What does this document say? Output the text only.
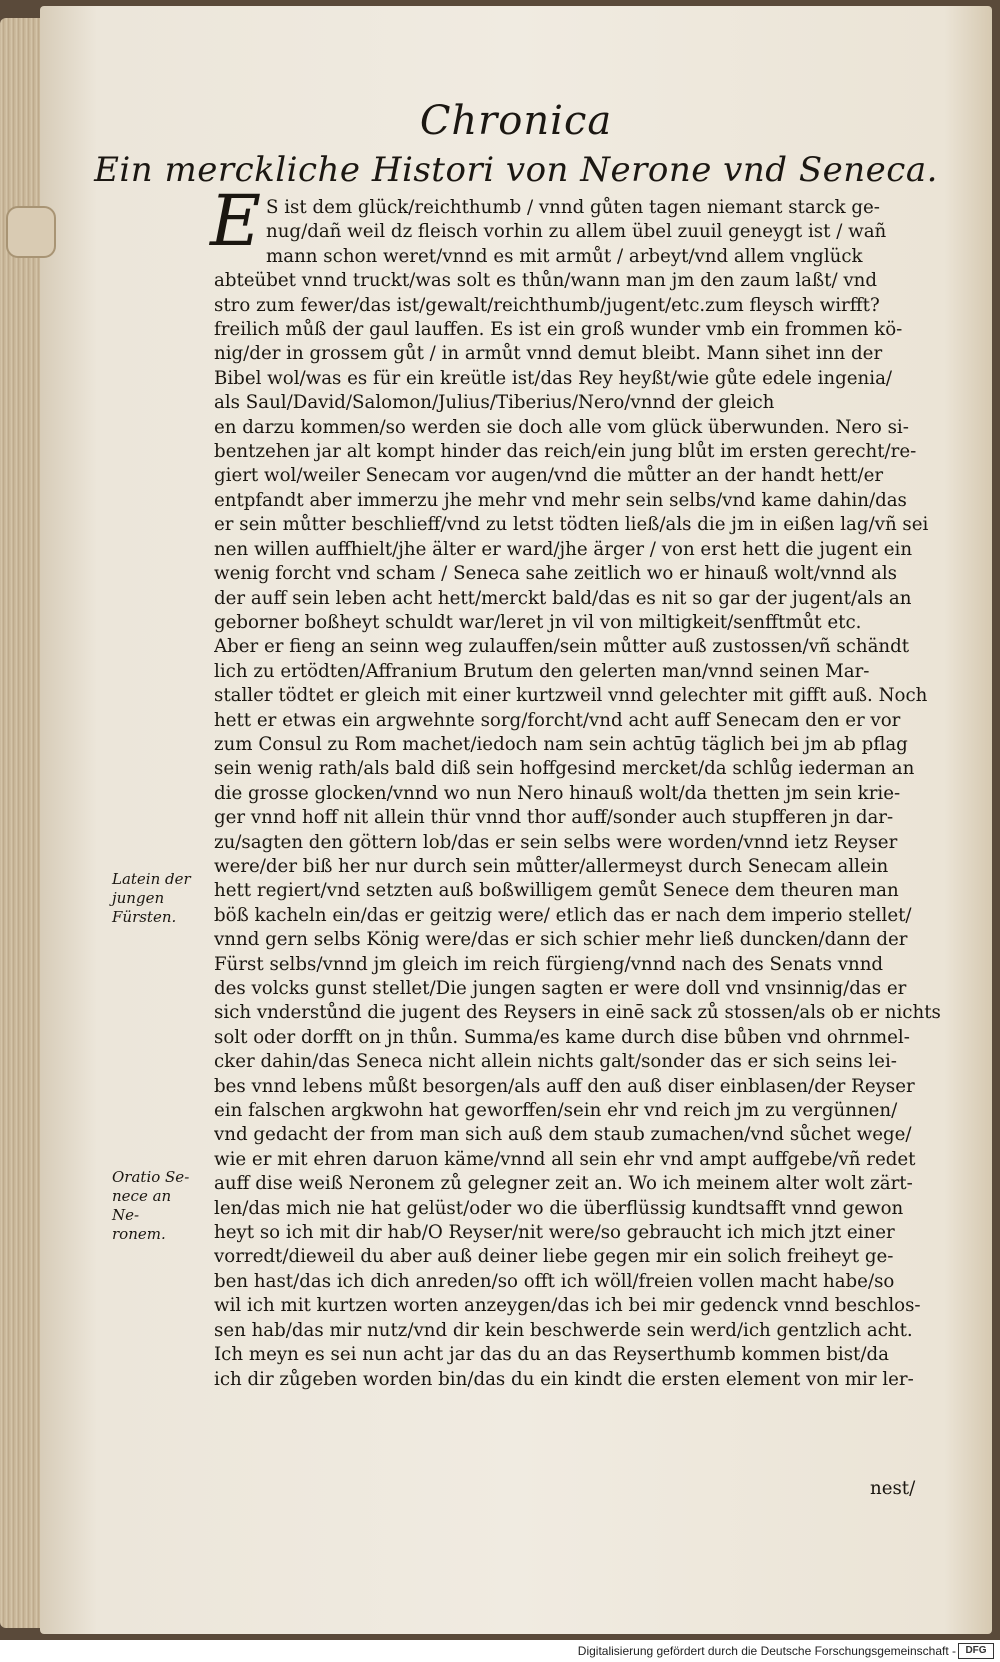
Chronica
Ein mercklichе Histori von Nerone vnd Seneca.
E S ist dem glück/reichthumb / vnnd gůten tagen niemant starck ge-
nug/dañ weil dz fleisch vorhin zu allem übel zuuil geneygt ist / wañ
mann schon weret/vnnd es mit armůt / arbeyt/vnd allem vnglück
abteübet vnnd truckt/was solt es thůn/wann man jm den zaum laßt/ vnd
stro zum fewer/das ist/gewalt/reichthumb/jugent/etc.zum fleysch wirfft?
freilich můß der gaul lauffen. Es ist ein groß wunder vmb ein frommen kö-
nig/der in grossem gůt / in armůt vnnd demut bleibt. Mann sihet inn der
Bibel wol/was es für ein kreütle ist/das Rey heyßt/wie gůte edele ingenia/
als Saul/David/Salomon/Julius/Tiberius/Nero/vnnd der gleich
en darzu kommen/so werden sie doch alle vom glück überwunden. Nero si-
bentzehen jar alt kompt hinder das reich/ein jung blůt im ersten gerecht/re-
giert wol/weiler Senecam vor augen/vnd die můtter an der handt hett/er
entpfandt aber immerzu jhe mehr vnd mehr sein selbs/vnd kame dahin/das
er sein můtter beschlieff/vnd zu letst tödten ließ/als die jm in eißen lag/vñ sei
nen willen auffhielt/jhe älter er ward/jhe ärger / von erst hett die jugent ein
wenig forcht vnd scham / Seneca sahe zeitlich wo er hinauß wolt/vnnd als
der auff sein leben acht hett/merckt bald/das es nit so gar der jugent/als an
geborner boßheyt schuldt war/leret jn vil von miltigkeit/senfftmůt etc.
Aber er fieng an seinn weg zulauffen/sein můtter auß zustossen/vñ schändt
lich zu ertödten/Affranium Brutum den gelerten man/vnnd seinen Mar-
staller tödtet er gleich mit einer kurtzweil vnnd gelechter mit gifft auß. Noch
hett er etwas ein argwehnte sorg/forcht/vnd acht auff Senecam den er vor
zum Consul zu Rom machet/iedoch nam sein achtūg täglich bei jm ab pflag
sein wenig rath/als bald diß sein hoffgesind mercket/da schlůg iederman an
die grosse glocken/vnnd wo nun Nero hinauß wolt/da thetten jm sein krie-
ger vnnd hoff nit allein thür vnnd thor auff/sonder auch stupfferen jn dar-
zu/sagten den göttern lob/das er sein selbs were worden/vnnd ietz Reyser
were/der biß her nur durch sein můtter/allermeyst durch Senecam allein
hett regiert/vnd setzten auß boßwilligem gemůt Senece dem theuren man
böß kacheln ein/das er geitzig were/ etlich das er nach dem imperio stellet/
vnnd gern selbs König were/das er sich schier mehr ließ duncken/dann der
Fürst selbs/vnnd jm gleich im reich fürgieng/vnnd nach des Senats vnnd
des volcks gunst stellet/Die jungen sagten er were doll vnd vnsinnig/das er
sich vnderstůnd die jugent des Reysers in einē sack zů stossen/als ob er nichts
solt oder dorfft on jn thůn. Summa/es kame durch dise bůben vnd ohrnmel-
cker dahin/das Seneca nicht allein nichts galt/sonder das er sich seins lei-
bes vnnd lebens můßt besorgen/als auff den auß diser einblasen/der Reyser
ein falschen argkwohn hat geworffen/sein ehr vnd reich jm zu vergünnen/
vnd gedacht der from man sich auß dem staub zumachen/vnd sůchet wege/
wie er mit ehren daruon käme/vnnd all sein ehr vnd ampt auffgebe/vñ redet
auff dise weiß Neronem zů gelegner zeit an. Wo ich meinem alter wolt zärt-
len/das mich nie hat gelüst/oder wo die überflüssig kundtsafft vnnd gewon
heyt so ich mit dir hab/O Reyser/nit were/so gebraucht ich mich jtzt einer
vorredt/dieweil du aber auß deiner liebe gegen mir ein solich freiheyt ge-
ben hast/das ich dich anreden/so offt ich wöll/freien vollen macht habe/so
wil ich mit kurtzen worten anzeygen/das ich bei mir gedenck vnnd beschlos-
sen hab/das mir nutz/vnd dir kein beschwerde sein werd/ich gentzlich acht.
Ich meyn es sei nun acht jar das du an das Reyserthumb kommen bist/da
ich dir zůgeben worden bin/das du ein kindt die ersten element von mir ler-
nest/
Latein der
jungen
Fürsten.
Oratio Se-
nece an Ne-
ronem.
Digitalisierung gefördert durch die Deutsche Forschungsgemeinschaft - DFG
